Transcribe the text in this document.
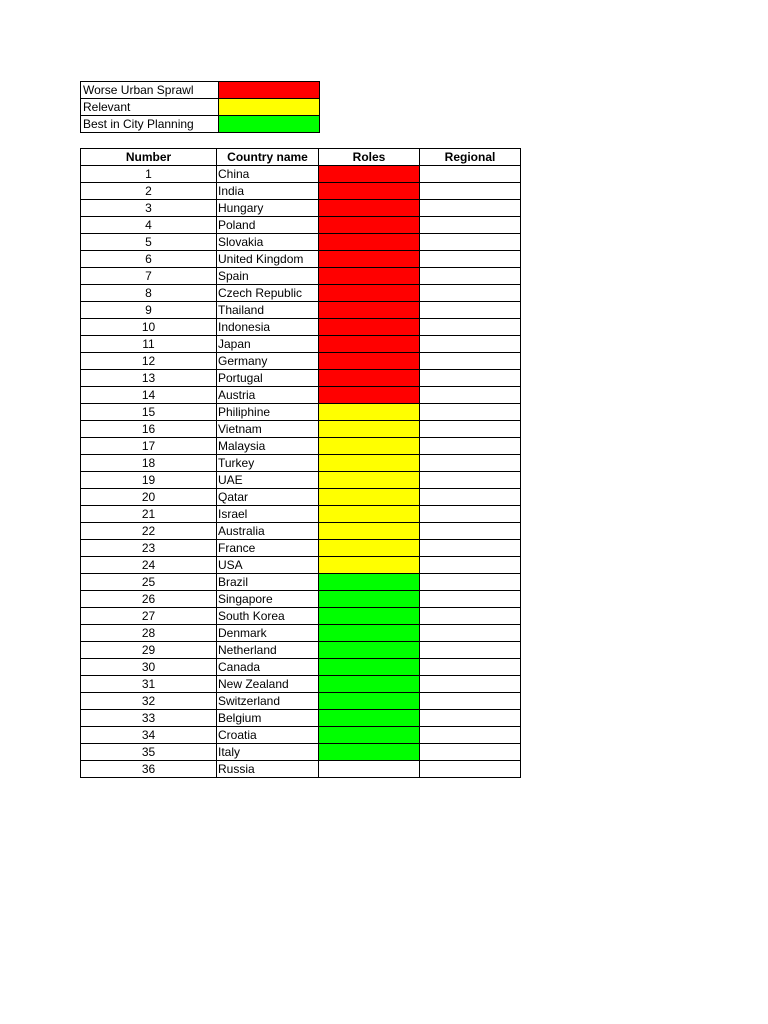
Worse Urban Sprawl	
Relevant	
Best in City Planning	
Number	Country name	Roles	Regional
1	China		
2	India		
3	Hungary		
4	Poland		
5	Slovakia		
6	United Kingdom		
7	Spain		
8	Czech Republic		
9	Thailand		
10	Indonesia		
11	Japan		
12	Germany		
13	Portugal		
14	Austria		
15	Philiphine		
16	Vietnam		
17	Malaysia		
18	Turkey		
19	UAE		
20	Qatar		
21	Israel		
22	Australia		
23	France		
24	USA		
25	Brazil		
26	Singapore		
27	South Korea		
28	Denmark		
29	Netherland		
30	Canada		
31	New Zealand		
32	Switzerland		
33	Belgium		
34	Croatia		
35	Italy		
36	Russia		
